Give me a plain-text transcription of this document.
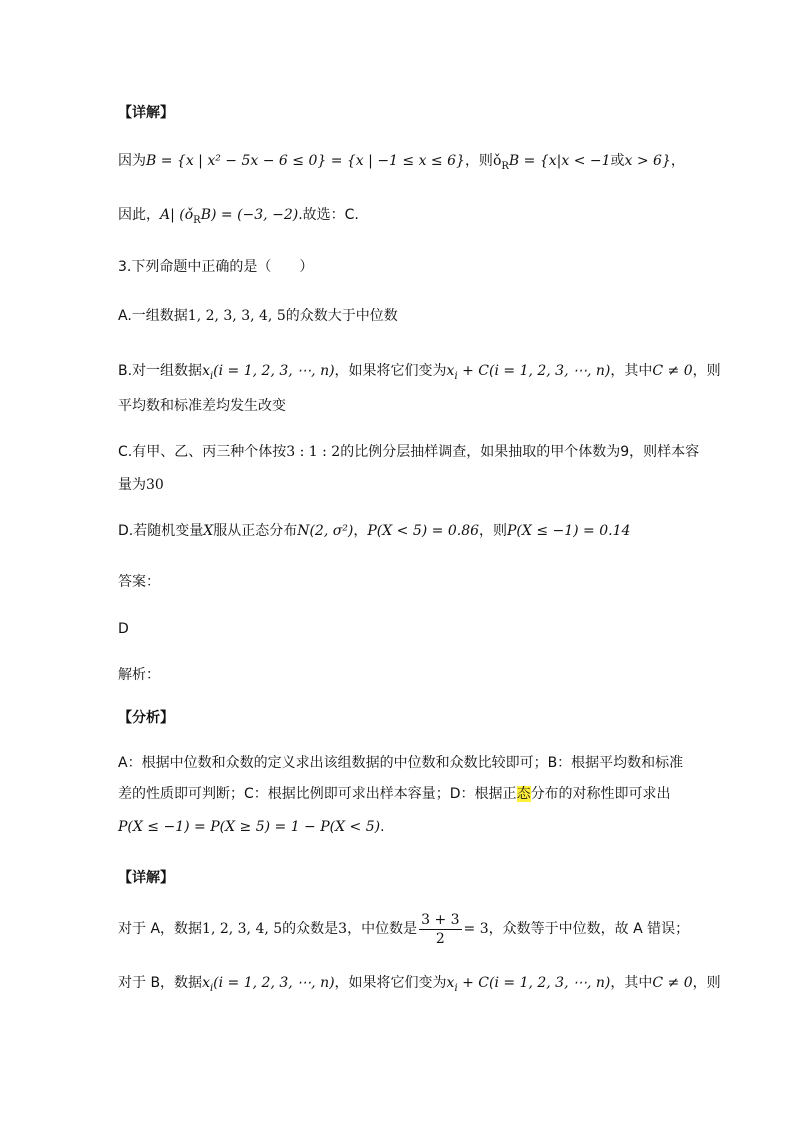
【详解】
因为B = {x | x² − 5x − 6 ≤ 0} = {x | −1 ≤ x ≤ 6}，则$ǒ_RB = \{x|x < -1$或x > 6}，
因此，A| $(ǒ_RB) = (-3$, −2).故选：C.
3.下列命题中正确的是（　　）
A.一组数据1, 2, 3, 3, 4, 5的众数大于中位数
B.对一组数据$x_i(i = 1$, 2, 3, ⋯, n)，如果将它们变为$x_i + C(i = 1$, 2, 3, ⋯, n)，其中C ≠ 0，则
平均数和标准差均发生改变
C.有甲、乙、丙三种个体按3 : 1 : 2的比例分层抽样调查，如果抽取的甲个体数为9，则样本容
量为30
D.若随机变量X服从正态分布N(2, σ²)，P(X < 5) = 0.86，则P(X ≤ −1) = 0.14
答案：
D
解析：
【分析】
A：根据中位数和众数的定义求出该组数据的中位数和众数比较即可；B：根据平均数和标准
差的性质即可判断；C：根据比例即可求出样本容量；D：根据正态分布的对称性即可求出
P(X ≤ −1) = P(X ≥ 5) = 1 − P(X < 5).
【详解】
对于 A，数据1, 2, 3, 4, 5的众数是3，中位数是 $\frac{3 + 3}{2} = 3$，众数等于中位数，故 A 错误；
对于 B，数据$x_i(i = 1$, 2, 3, ⋯, n)，如果将它们变为$x_i + C(i = 1$, 2, 3, ⋯, n)，其中C ≠ 0，则
